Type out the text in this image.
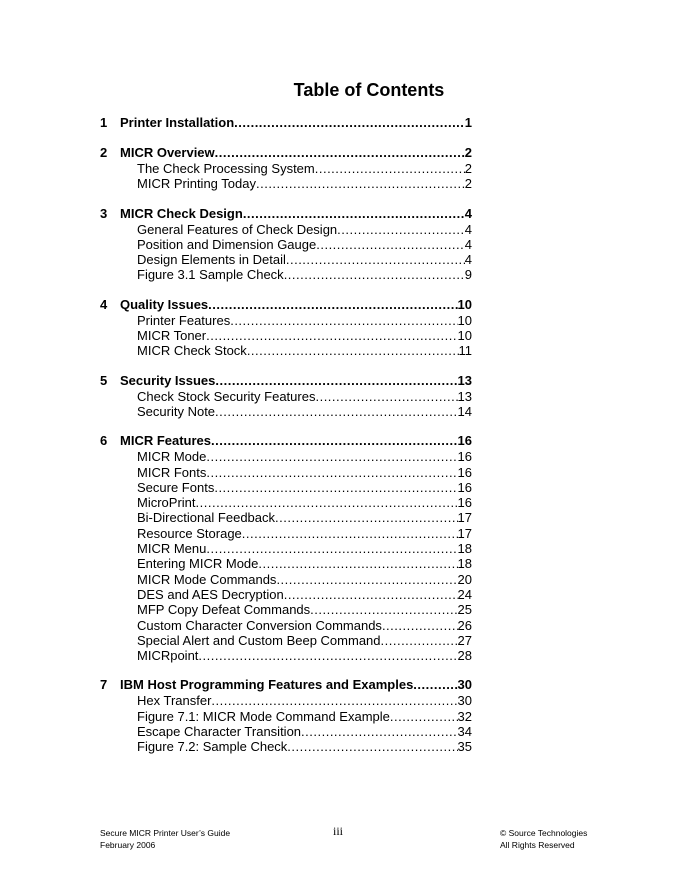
Table of Contents
1 Printer Installation .....	1
2 MICR Overview .....	2
The Check Processing System .....	2
MICR Printing Today .....	2
3 MICR Check Design .....	4
General Features of Check Design .....	4
Position and Dimension Gauge .....	4
Design Elements in Detail .....	4
Figure 3.1 Sample Check .....	9
4 Quality Issues .....	10
Printer Features .....	10
MICR Toner .....	10
MICR Check Stock .....	11
5 Security Issues .....	13
Check Stock Security Features .....	13
Security Note .....	14
6 MICR Features .....	16
MICR Mode .....	16
MICR Fonts .....	16
Secure Fonts .....	16
MicroPrint .....	16
Bi-Directional Feedback .....	17
Resource Storage .....	17
MICR Menu .....	18
Entering MICR Mode .....	18
MICR Mode Commands .....	20
DES and AES Decryption .....	24
MFP Copy Defeat Commands .....	25
Custom Character Conversion Commands .....	26
Special Alert and Custom Beep Command .....	27
MICRpoint .....	28
7 IBM Host Programming Features and Examples .....	30
Hex Transfer .....	30
Figure 7.1: MICR Mode Command Example .....	32
Escape Character Transition .....	34
Figure 7.2: Sample Check .....	35
Secure MICR Printer User’s Guide
February 2006
iii	© Source Technologies
All Rights Reserved
